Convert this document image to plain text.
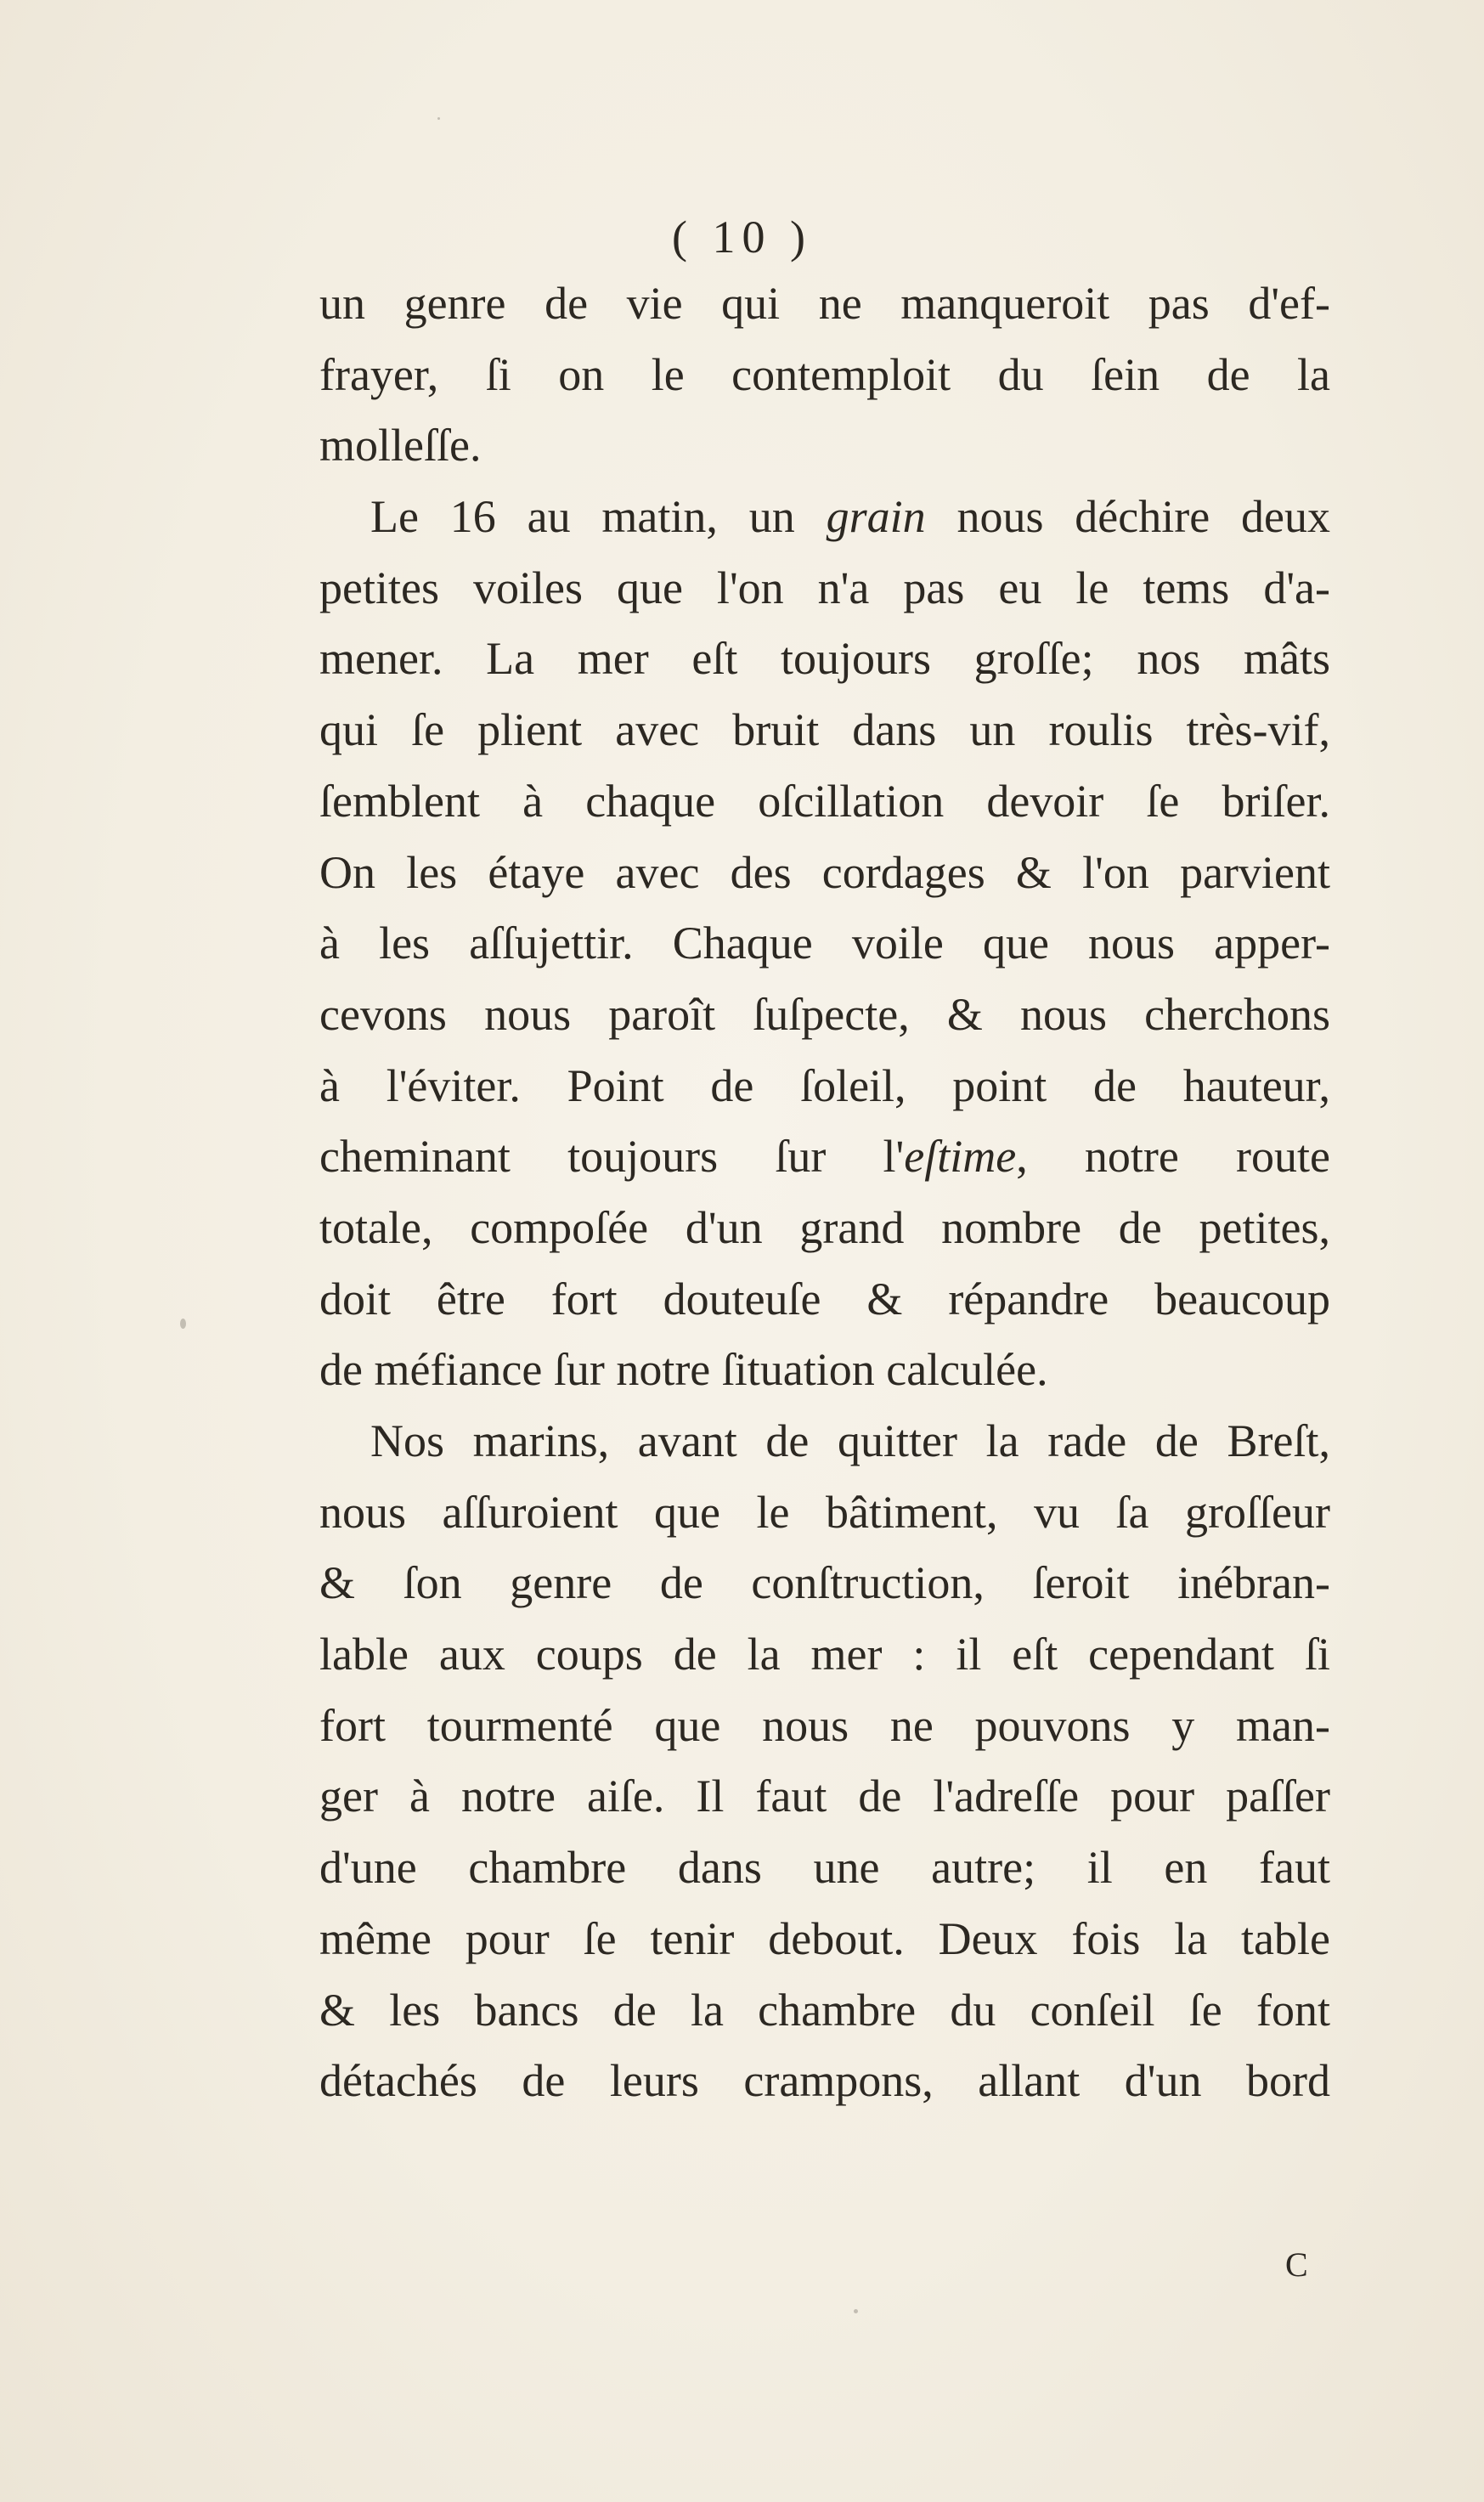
( 10 )
un genre de vie qui ne manqueroit pas d'ef-
frayer, ſi on le contemploit du ſein de la
molleſſe.
Le 16 au matin, un grain nous déchire deux
petites voiles que l'on n'a pas eu le tems d'a-
mener. La mer eſt toujours groſſe; nos mâts
qui ſe plient avec bruit dans un roulis très-vif,
ſemblent à chaque oſcillation devoir ſe briſer.
On les étaye avec des cordages & l'on parvient
à les aſſujettir. Chaque voile que nous apper-
cevons nous paroît ſuſpecte, & nous cherchons
à l'éviter. Point de ſoleil, point de hauteur,
cheminant toujours ſur l'eſtime, notre route
totale, compoſée d'un grand nombre de petites,
doit être fort douteuſe & répandre beaucoup
de méfiance ſur notre ſituation calculée.
Nos marins, avant de quitter la rade de Breſt,
nous aſſuroient que le bâtiment, vu ſa groſſeur
& ſon genre de conſtruction, ſeroit inébran-
lable aux coups de la mer : il eſt cependant ſi
fort tourmenté que nous ne pouvons y man-
ger à notre aiſe. Il faut de l'adreſſe pour paſſer
d'une chambre dans une autre; il en faut
même pour ſe tenir debout. Deux fois la table
& les bancs de la chambre du conſeil ſe font
détachés de leurs crampons, allant d'un bord
C
